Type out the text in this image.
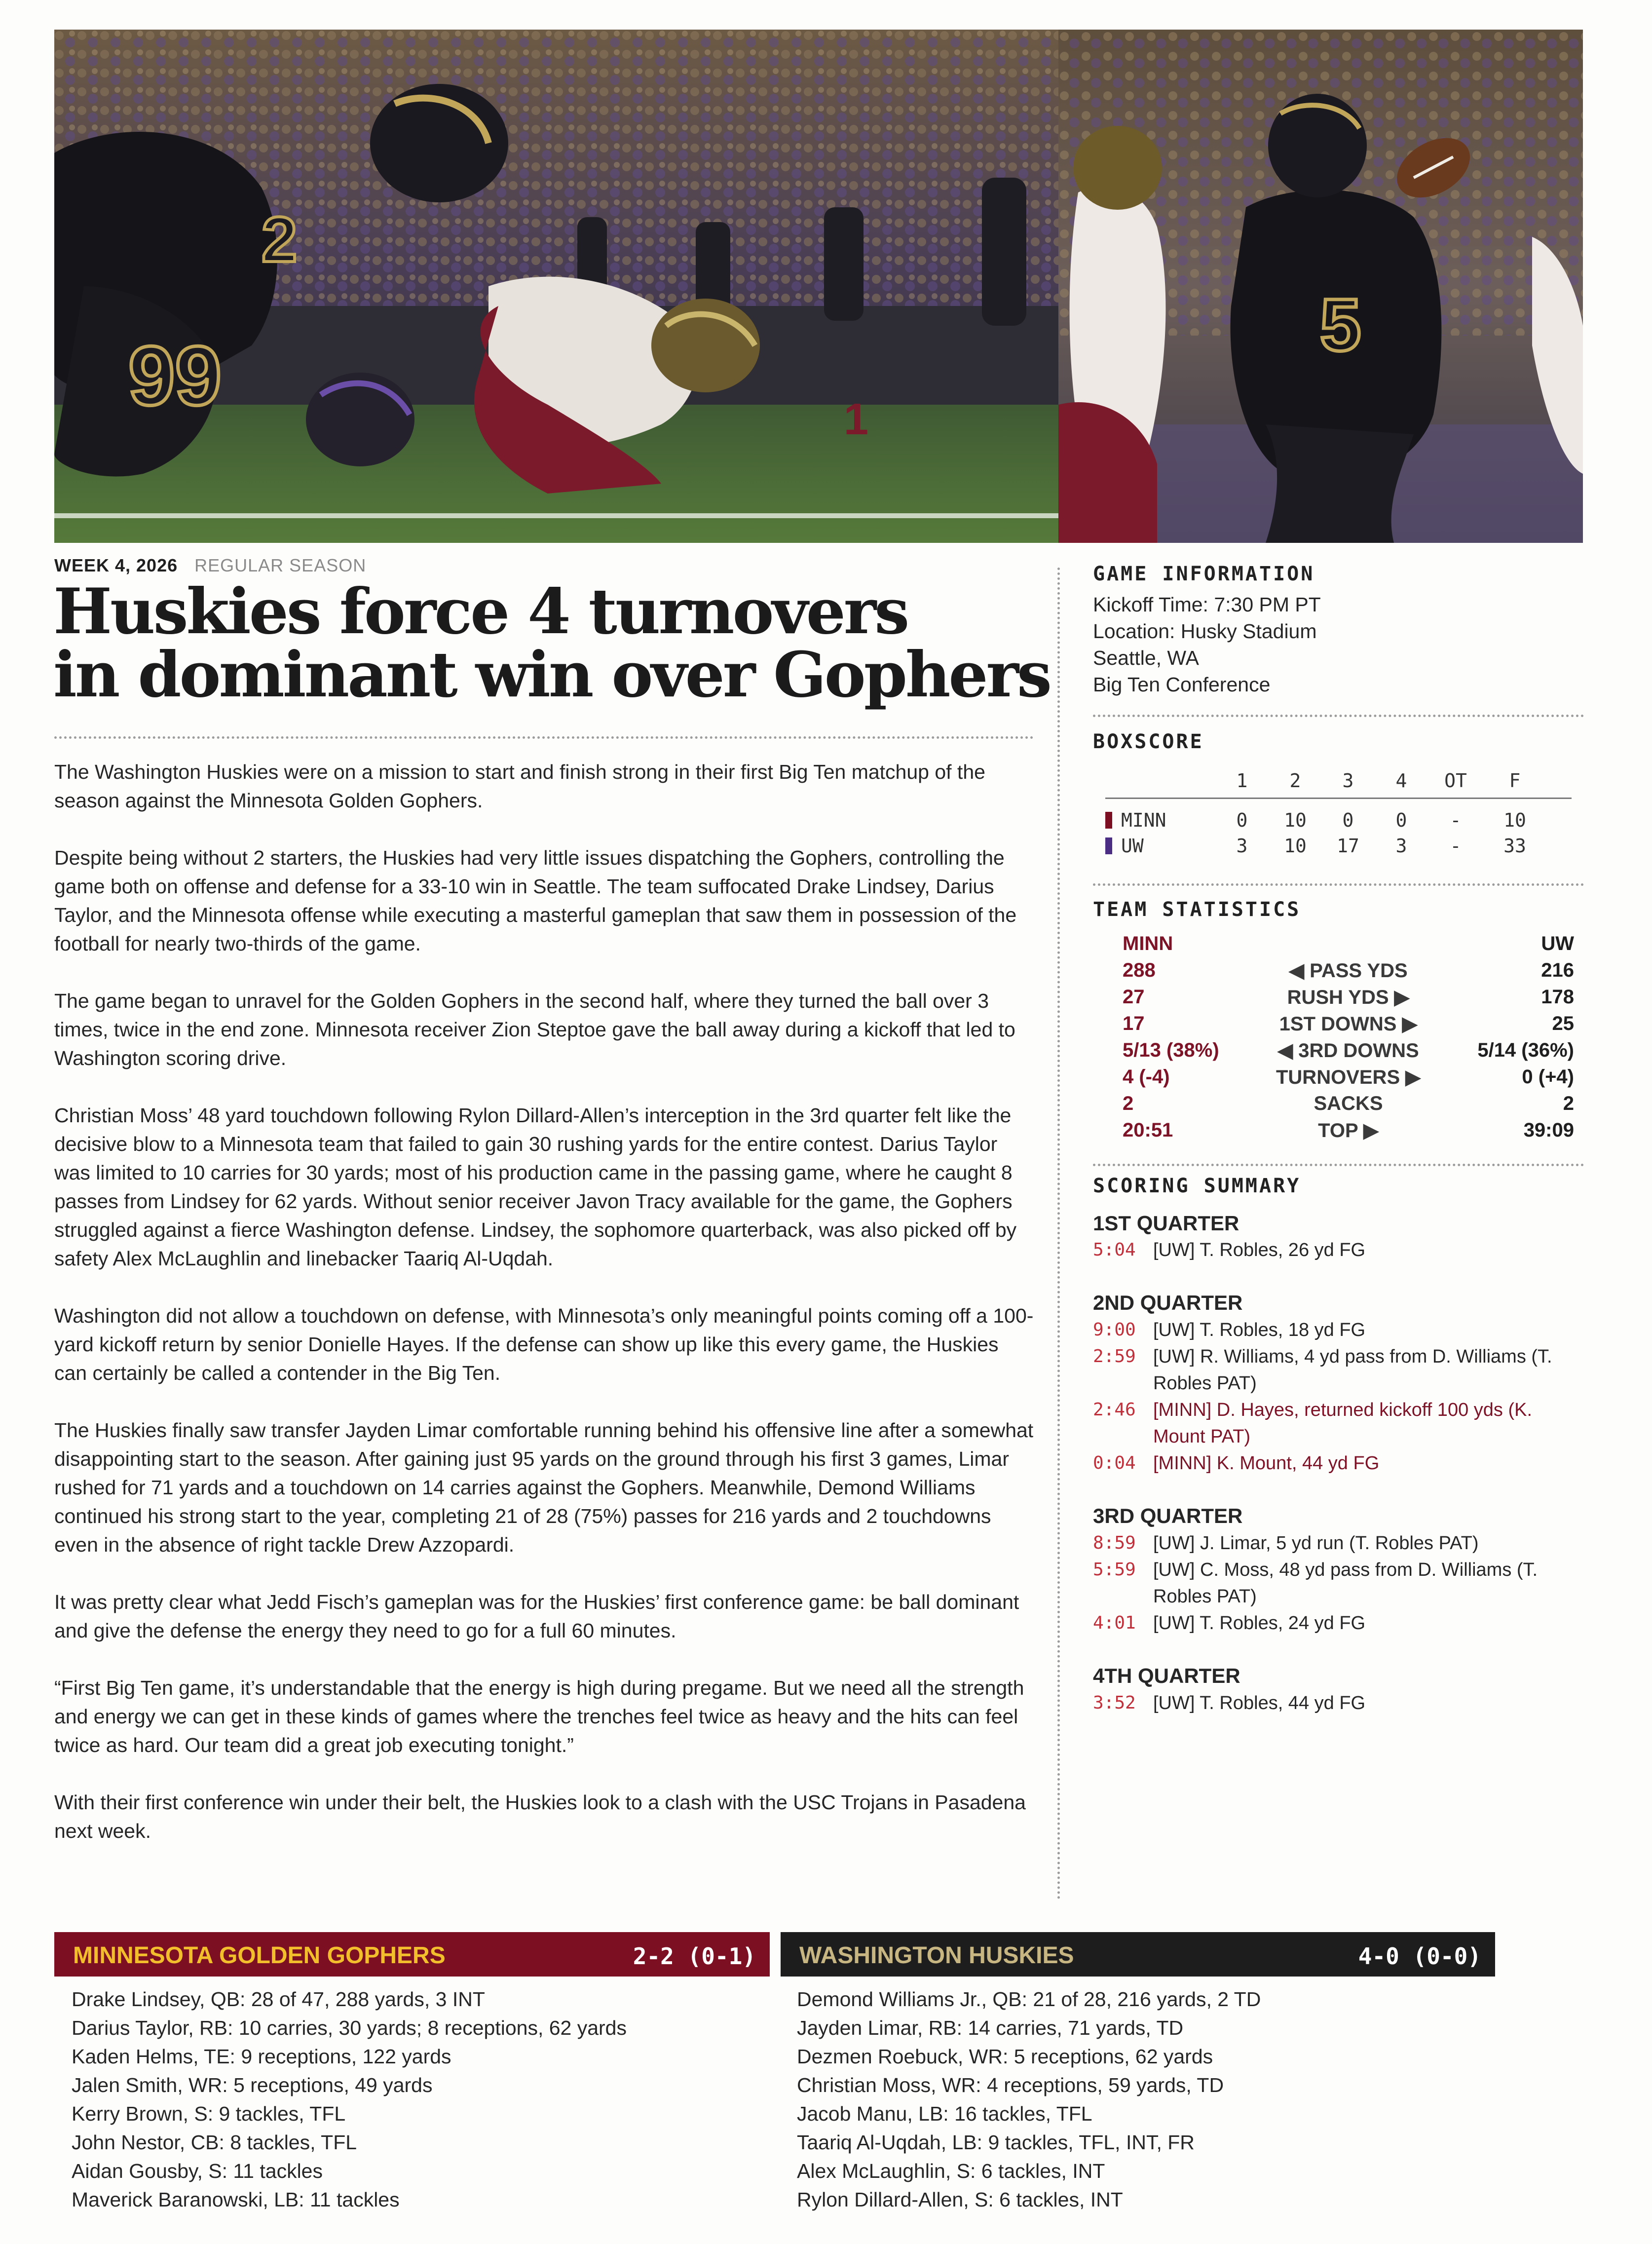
2
99	1
5
WEEK 4, 2026 REGULAR SEASON
Huskies force 4 turnovers
in dominant win over Gophers

The Washington Huskies were on a mission to start and finish strong in their first Big Ten matchup of the season against the Minnesota Golden Gophers.

Despite being without 2 starters, the Huskies had very little issues dispatching the Gophers, controlling the game both on offense and defense for a 33-10 win in Seattle. The team suffocated Drake Lindsey, Darius Taylor, and the Minnesota offense while executing a masterful gameplan that saw them in possession of the football for nearly two-thirds of the game.

The game began to unravel for the Golden Gophers in the second half, where they turned the ball over 3 times, twice in the end zone. Minnesota receiver Zion Steptoe gave the ball away during a kickoff that led to Washington scoring drive.

Christian Moss’ 48 yard touchdown following Rylon Dillard-Allen’s interception in the 3rd quarter felt like the decisive blow to a Minnesota team that failed to gain 30 rushing yards for the entire contest. Darius Taylor was limited to 10 carries for 30 yards; most of his production came in the passing game, where he caught 8 passes from Lindsey for 62 yards. Without senior receiver Javon Tracy available for the game, the Gophers struggled against a fierce Washington defense. Lindsey, the sophomore quarterback, was also picked off by safety Alex McLaughlin and linebacker Taariq Al-Uqdah.

Washington did not allow a touchdown on defense, with Minnesota’s only meaningful points coming off a 100-yard kickoff return by senior Donielle Hayes. If the defense can show up like this every game, the Huskies can certainly be called a contender in the Big Ten.

The Huskies finally saw transfer Jayden Limar comfortable running behind his offensive line after a somewhat disappointing start to the season. After gaining just 95 yards on the ground through his first 3 games, Limar rushed for 71 yards and a touchdown on 14 carries against the Gophers. Meanwhile, Demond Williams continued his strong start to the year, completing 21 of 28 (75%) passes for 216 yards and 2 touchdowns even in the absence of right tackle Drew Azzopardi.

It was pretty clear what Jedd Fisch’s gameplan was for the Huskies’ first conference game: be ball dominant and give the defense the energy they need to go for a full 60 minutes.

“First Big Ten game, it’s understandable that the energy is high during pregame. But we need all the strength and energy we can get in these kinds of games where the trenches feel twice as heavy and the hits can feel twice as hard. Our team did a great job executing tonight.”

With their first conference win under their belt, the Huskies look to a clash with the USC Trojans in Pasadena next week.

GAME INFORMATION
Kickoff Time: 7:30 PM PT
Location: Husky Stadium
Seattle, WA
Big Ten Conference
BOXSCORE
1	2	3	4	OT	F
MINN	0	10	0	0	-	10
UW	3	10	17	3	-	33
TEAM STATISTICS
MINN	UW
288	◀ PASS YDS	216
27	RUSH YDS ▶	178
17	1ST DOWNS ▶	25
5/13 (38%)	◀ 3RD DOWNS	5/14 (36%)
4 (-4)	TURNOVERS ▶	0 (+4)
2	SACKS	2
20:51	TOP ▶	39:09
SCORING SUMMARY
1ST QUARTER
5:04 [UW] T. Robles, 26 yd FG
2ND QUARTER
9:00 [UW] T. Robles, 18 yd FG
2:59 [UW] R. Williams, 4 yd pass from D. Williams (T. Robles PAT)
2:46 [MINN] D. Hayes, returned kickoff 100 yds (K. Mount PAT)
0:04 [MINN] K. Mount, 44 yd FG
3RD QUARTER
8:59 [UW] J. Limar, 5 yd run (T. Robles PAT)
5:59 [UW] C. Moss, 48 yd pass from D. Williams (T. Robles PAT)
4:01 [UW] T. Robles, 24 yd FG
4TH QUARTER
3:52 [UW] T. Robles, 44 yd FG
MINNESOTA GOLDEN GOPHERS	2-2 (0-1) WASHINGTON HUSKIES	4-0 (0-0)
Drake Lindsey, QB: 28 of 47, 288 yards, 3 INT
Darius Taylor, RB: 10 carries, 30 yards; 8 receptions, 62 yards
Kaden Helms, TE: 9 receptions, 122 yards
Jalen Smith, WR: 5 receptions, 49 yards
Kerry Brown, S: 9 tackles, TFL
John Nestor, CB: 8 tackles, TFL
Aidan Gousby, S: 11 tackles
Maverick Baranowski, LB: 11 tackles
Demond Williams Jr., QB: 21 of 28, 216 yards, 2 TD
Jayden Limar, RB: 14 carries, 71 yards, TD
Dezmen Roebuck, WR: 5 receptions, 62 yards
Christian Moss, WR: 4 receptions, 59 yards, TD
Jacob Manu, LB: 16 tackles, TFL
Taariq Al-Uqdah, LB: 9 tackles, TFL, INT, FR
Alex McLaughlin, S: 6 tackles, INT
Rylon Dillard-Allen, S: 6 tackles, INT
